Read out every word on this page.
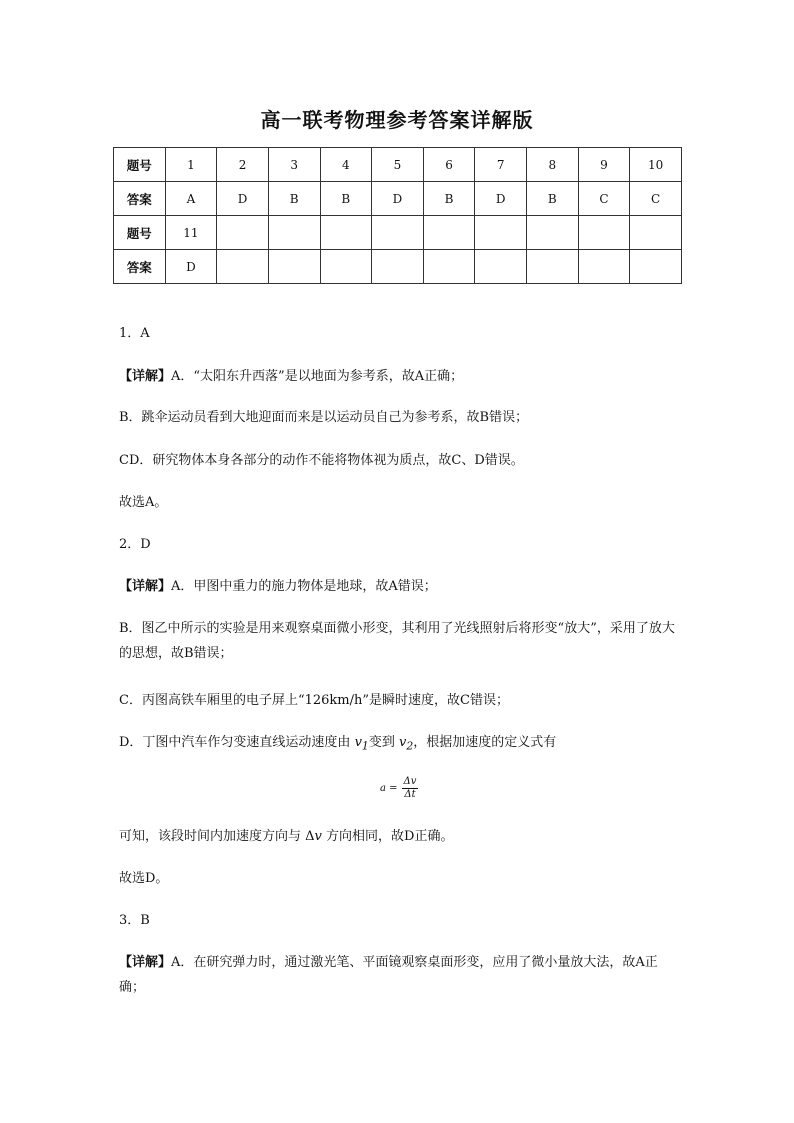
高一联考物理参考答案详解版
题号	1	2	3	4	5	6	7	8	9	10
答案	A	D	B	B	D	B	D	B	C	C
题号	11									
答案	D									
1．A
【详解】A．“太阳东升西落”是以地面为参考系，故A正确；
B．跳伞运动员看到大地迎面而来是以运动员自己为参考系，故B错误；
CD．研究物体本身各部分的动作不能将物体视为质点，故C、D错误。
故选A。
2．D
【详解】A．甲图中重力的施力物体是地球，故A错误；
B．图乙中所示的实验是用来观察桌面微小形变，其利用了光线照射后将形变“放大”，采用了放大的思想，故B错误；
C．丙图高铁车厢里的电子屏上“126km/h”是瞬时速度，故C错误；
D．丁图中汽车作匀变速直线运动速度由 $v_1$变到 $v_2$，根据加速度的定义式有
$a = \frac{\Delta v}{\Delta t}$
可知，该段时间内加速度方向与 Δv 方向相同，故D正确。
故选D。
3．B
【详解】A．在研究弹力时，通过激光笔、平面镜观察桌面形变，应用了微小量放大法，故A正确；
